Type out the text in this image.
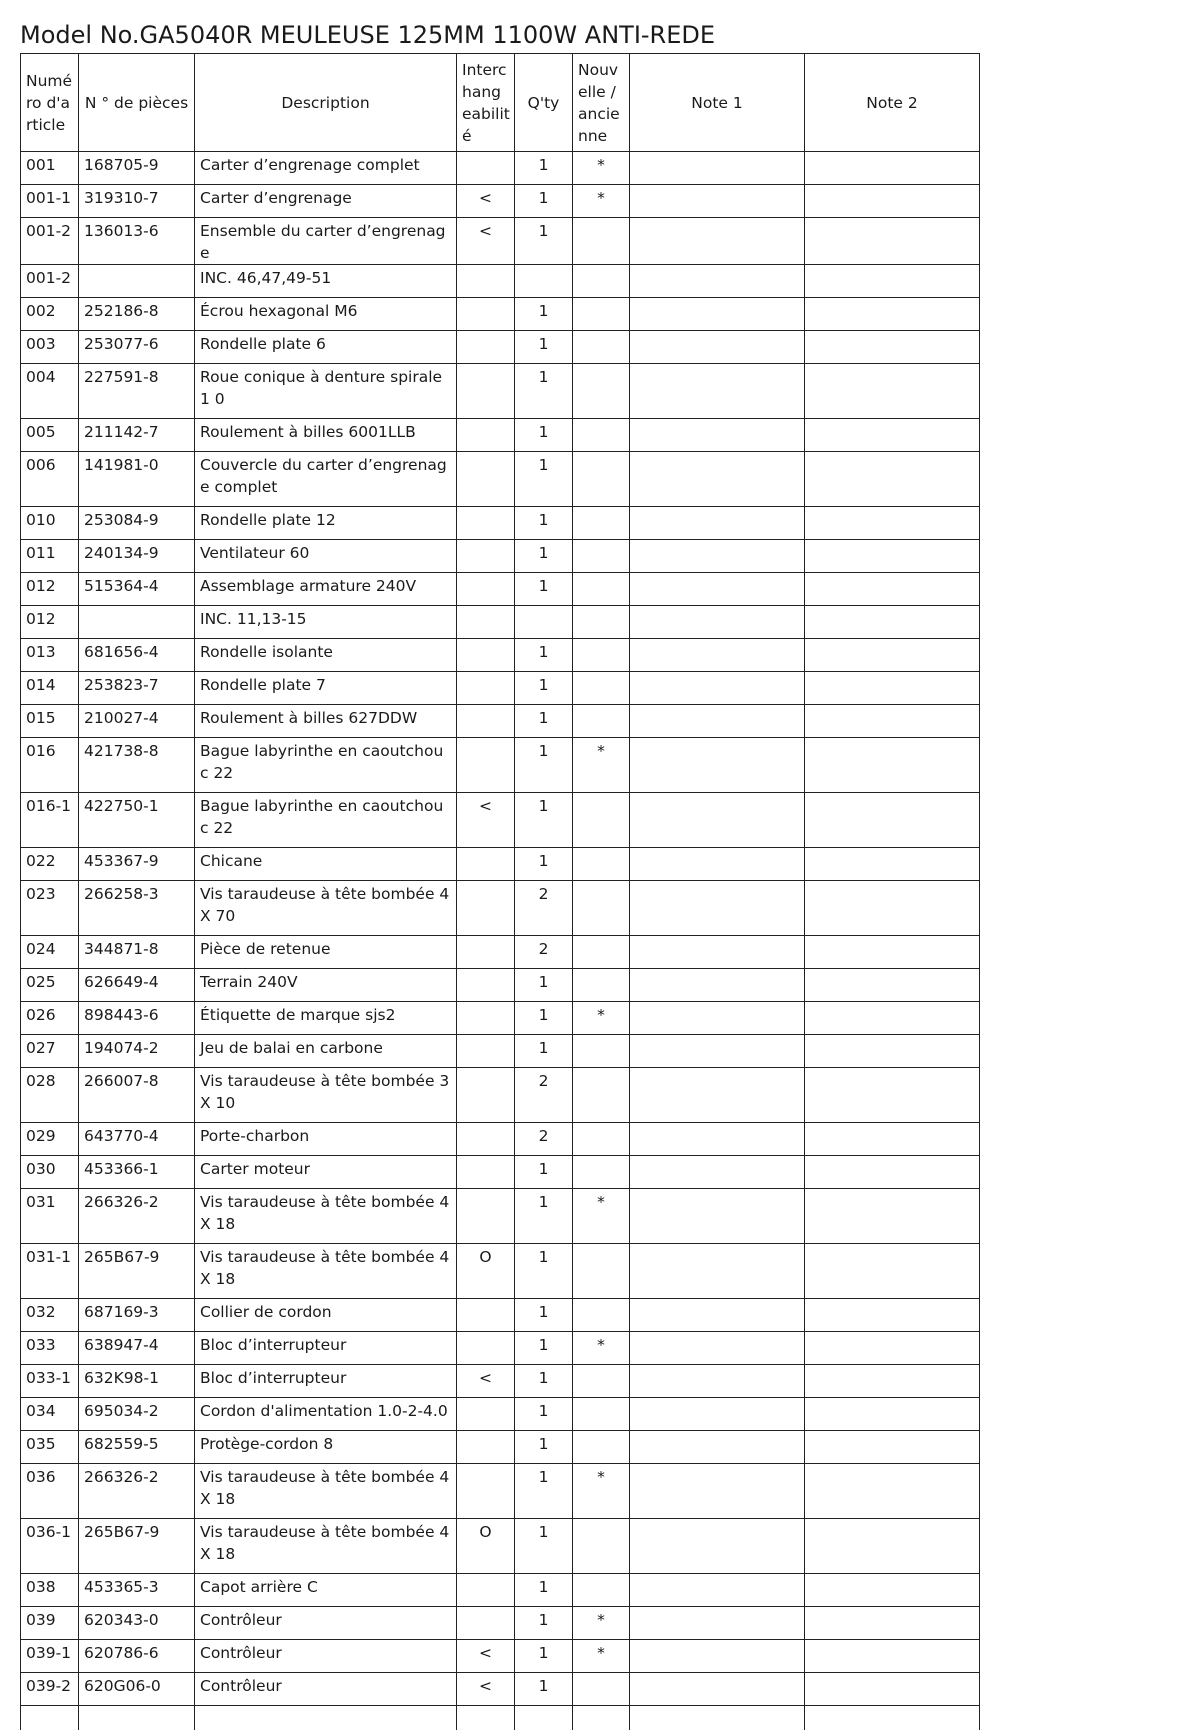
Model No.GA5040R MEULEUSE 125MM 1100W ANTI-REDE
Numé ro d'a rticle	N ° de pièces	Description	Interc hang eabilit é	Q'ty	Nouv elle / ancie nne	Note 1	Note 2
001	168705-9	Carter d’engrenage complet		1	*		
001-1	319310-7	Carter d’engrenage	<	1	*		
001-2	136013-6	Ensemble du carter d’engrenage	<	1			
001-2		INC. 46,47,49-51					
002	252186-8	Écrou hexagonal M6		1			
003	253077-6	Rondelle plate 6		1			
004	227591-8	Roue conique à denture spirale 1 0		1			
005	211142-7	Roulement à billes 6001LLB		1			
006	141981-0	Couvercle du carter d’engrenage complet		1			
010	253084-9	Rondelle plate 12		1			
011	240134-9	Ventilateur 60		1			
012	515364-4	Assemblage armature 240V		1			
012		INC. 11,13-15					
013	681656-4	Rondelle isolante		1			
014	253823-7	Rondelle plate 7		1			
015	210027-4	Roulement à billes 627DDW		1			
016	421738-8	Bague labyrinthe en caoutchouc 22		1	*		
016-1	422750-1	Bague labyrinthe en caoutchouc 22	<	1			
022	453367-9	Chicane		1			
023	266258-3	Vis taraudeuse à tête bombée 4X 70		2			
024	344871-8	Pièce de retenue		2			
025	626649-4	Terrain 240V		1			
026	898443-6	Étiquette de marque sjs2		1	*		
027	194074-2	Jeu de balai en carbone		1			
028	266007-8	Vis taraudeuse à tête bombée 3X 10		2			
029	643770-4	Porte-charbon		2			
030	453366-1	Carter moteur		1			
031	266326-2	Vis taraudeuse à tête bombée 4X 18		1	*		
031-1	265B67-9	Vis taraudeuse à tête bombée 4X 18	O	1			
032	687169-3	Collier de cordon		1			
033	638947-4	Bloc d’interrupteur		1	*		
033-1	632K98-1	Bloc d’interrupteur	<	1			
034	695034-2	Cordon d'alimentation 1.0-2-4.0		1			
035	682559-5	Protège-cordon 8		1			
036	266326-2	Vis taraudeuse à tête bombée 4X 18		1	*		
036-1	265B67-9	Vis taraudeuse à tête bombée 4X 18	O	1			
038	453365-3	Capot arrière C		1			
039	620343-0	Contrôleur		1	*		
039-1	620786-6	Contrôleur	<	1	*		
039-2	620G06-0	Contrôleur	<	1			
